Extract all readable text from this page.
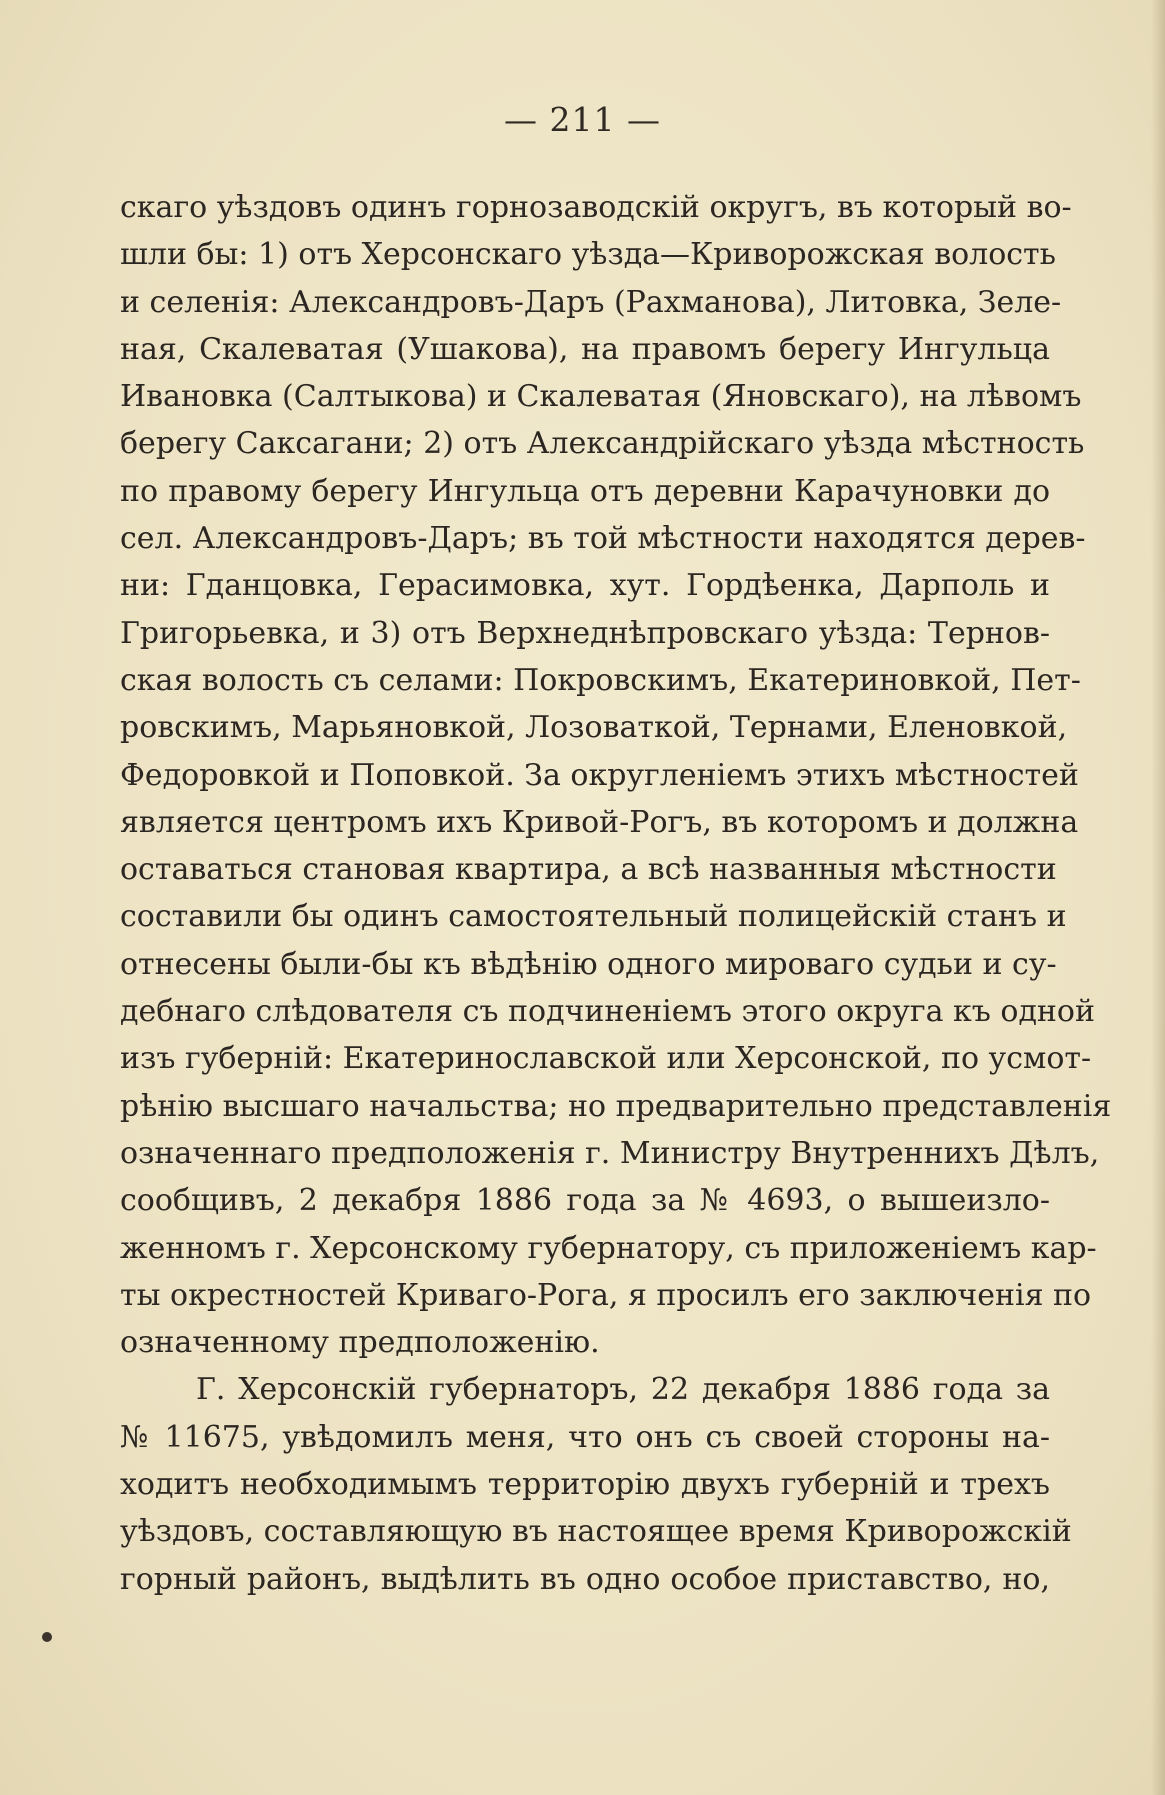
— 211 —
скаго уѣздовъ одинъ горнозаводскій округъ, въ который во-
шли бы: 1) отъ Херсонскаго уѣзда—Криворожская волость
и селенія: Александровъ-Даръ (Рахманова), Литовка, Зеле-
ная, Скалеватая (Ушакова), на правомъ берегу Ингульца
Ивановка (Салтыкова) и Скалеватая (Яновскаго), на лѣвомъ
берегу Саксагани; 2) отъ Александрійскаго уѣзда мѣстность
по правому берегу Ингульца отъ деревни Карачуновки до
сел. Александровъ-Даръ; въ той мѣстности находятся дерев-
ни: Гданцовка, Герасимовка, хут. Гордѣенка, Дарполь и
Григорьевка, и 3) отъ Верхнеднѣпровскаго уѣзда: Тернов-
ская волость съ селами: Покровскимъ, Екатериновкой, Пет-
ровскимъ, Марьяновкой, Лозоваткой, Тернами, Еленовкой,
Федоровкой и Поповкой. За округленіемъ этихъ мѣстностей
является центромъ ихъ Кривой-Рогъ, въ которомъ и должна
оставаться становая квартира, а всѣ названныя мѣстности
составили бы одинъ самостоятельный полицейскій станъ и
отнесены были-бы къ вѣдѣнію одного мироваго судьи и су-
дебнаго слѣдователя съ подчиненіемъ этого округа къ одной
изъ губерній: Екатеринославской или Херсонской, по усмот-
рѣнію высшаго начальства; но предварительно представленія
означеннаго предположенія г. Министру Внутреннихъ Дѣлъ,
сообщивъ, 2 декабря 1886 года за № 4693, о вышеизло-
женномъ г. Херсонскому губернатору, съ приложеніемъ кар-
ты окрестностей Криваго-Рога, я просилъ его заключенія по
означенному предположенію.
Г. Херсонскій губернаторъ, 22 декабря 1886 года за
№ 11675, увѣдомилъ меня, что онъ съ своей стороны на-
ходитъ необходимымъ территорію двухъ губерній и трехъ
уѣздовъ, составляющую въ настоящее время Криворожскій
горный районъ, выдѣлить въ одно особое приставство, но,
